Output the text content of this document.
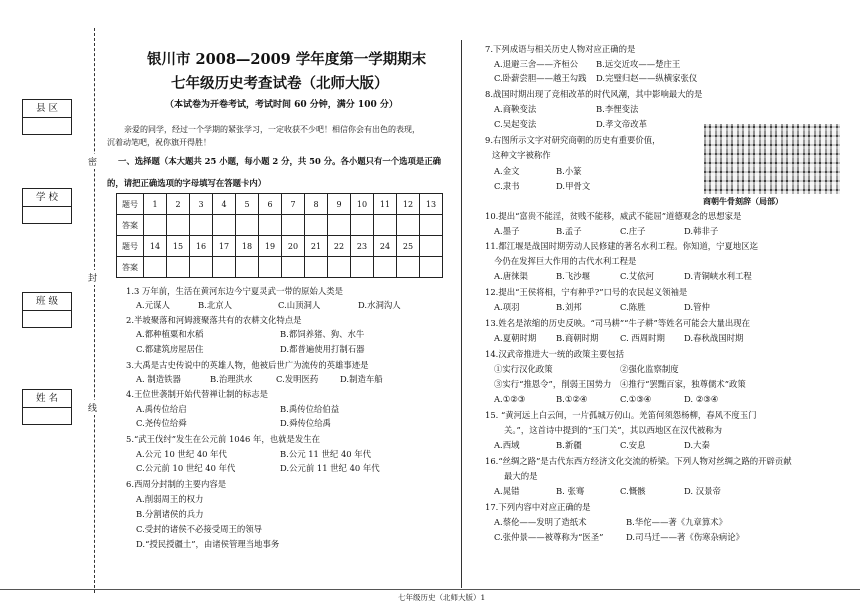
县 区
学 校
班 级
姓 名
密
封
线
银川市 2008—2009 学年度第一学期期末
七年级历史考查试卷（北师大版）
（本试卷为开卷考试，考试时间 60 分钟，满分 100 分）
亲爱的同学，经过一个学期的紧张学习，一定收获不少吧！相信你会有出色的表现，
沉着动笔吧，祝你旗开得胜！
一、选择题（本大题共 25 小题，每小题 2 分，共 50 分。各小题只有一个选项是正确
的，请把正确选项的字母填写在答题卡内）
题号	1	2	3	4	5	6	7	8	9	10	11	12	13
答案													
题号	14	15	16	17	18	19	20	21	22	23	24	25	
答案													
1.3 万年前，生活在黄河东边今宁夏灵武一带的原始人类是
A.元谋人	B.北京人	C.山顶洞人	D.水洞沟人
2.半坡聚落和河姆渡聚落共有的农耕文化特点是
A.都种植粟和水稻	B.都饲养猪、狗、水牛
C.都建筑房屋居住	D.都普遍使用打制石器
3.大禹是古史传说中的英雄人物，他被后世广为流传的英雄事迹是
A. 制造铁器	B.治理洪水	C.发明医药	D.制造车船
4.王位世袭制开始代替禅让制的标志是
A.禹传位给启	B.禹传位给伯益
C.尧传位给舜	D.舜传位给禹
5.“武王伐纣”发生在公元前 1046 年，也就是发生在
A.公元 10 世纪 40 年代	B.公元 11 世纪 40 年代
C.公元前 10 世纪 40 年代	D.公元前 11 世纪 40 年代
6.西周分封制的主要内容是
A.削弱周王的权力
B.分割诸侯的兵力
C.受封的诸侯不必接受周王的领导
D.“授民授疆土”，由诸侯管理当地事务
7.下列成语与相关历史人物对应正确的是
A.退避三舍——齐桓公 B.远交近攻——楚庄王
C.卧薪尝胆——越王勾践 D.完璧归赵——纵横家张仪
8.战国时期出现了竞相改革的时代风潮，其中影响最大的是
A.商鞅变法	B.李悝变法
C.吴起变法	D.孝文帝改革
9.右图所示文字对研究商朝的历史有重要价值，
这种文字被称作
A.金文	B.小篆
C.隶书	D.甲骨文
商朝牛骨刻辞（局部）
10.提出“富贵不能淫，贫贱不能移，威武不能屈”道德观念的思想家是
A.墨子	B.孟子	C.庄子	D.韩非子
11.都江堰是战国时期劳动人民修建的著名水利工程。你知道，宁夏地区迄
今仍在发挥巨大作用的古代水利工程是
A.唐徕渠	B.飞沙堰	C.艾依河	D.青铜峡水利工程
12.提出“王侯将相，宁有种乎?”口号的农民起义领袖是
A.项羽	B.刘邦	C.陈胜	D.管仲
13.姓名是浓缩的历史反映。“司马耕”“牛子耕”等姓名可能会大量出现在
A.夏朝时期 B.商朝时期	C. 西周时期 D.春秋战国时期
14.汉武帝推进大一统的政策主要包括
①实行汉化政策	②强化监察制度
③实行“推恩令”，削弱王国势力 ④推行“罢黜百家，独尊儒术”政策
A.①②③	B.①②④	C.①③④	D. ②③④
15. “黄河远上白云间，一片孤城万仞山。羌笛何须怨杨柳，春风不度玉门
关。”，这首诗中提到的“玉门关”，其以西地区在汉代被称为
A.西域	B.新疆	C.安息	D.大秦
16.“丝绸之路”是古代东西方经济文化交流的桥梁。下列人物对丝绸之路的开辟贡献
最大的是
A.晁错	B. 张骞	C.慨骸	D. 汉景帝
17.下列内容中对应正确的是
A.蔡伦——发明了造纸术	B.华佗——著《九章算术》
C.张仲景——被尊称为“医圣”	D.司马迁——著《伤寒杂病论》
七年级历史（北师大版）1
